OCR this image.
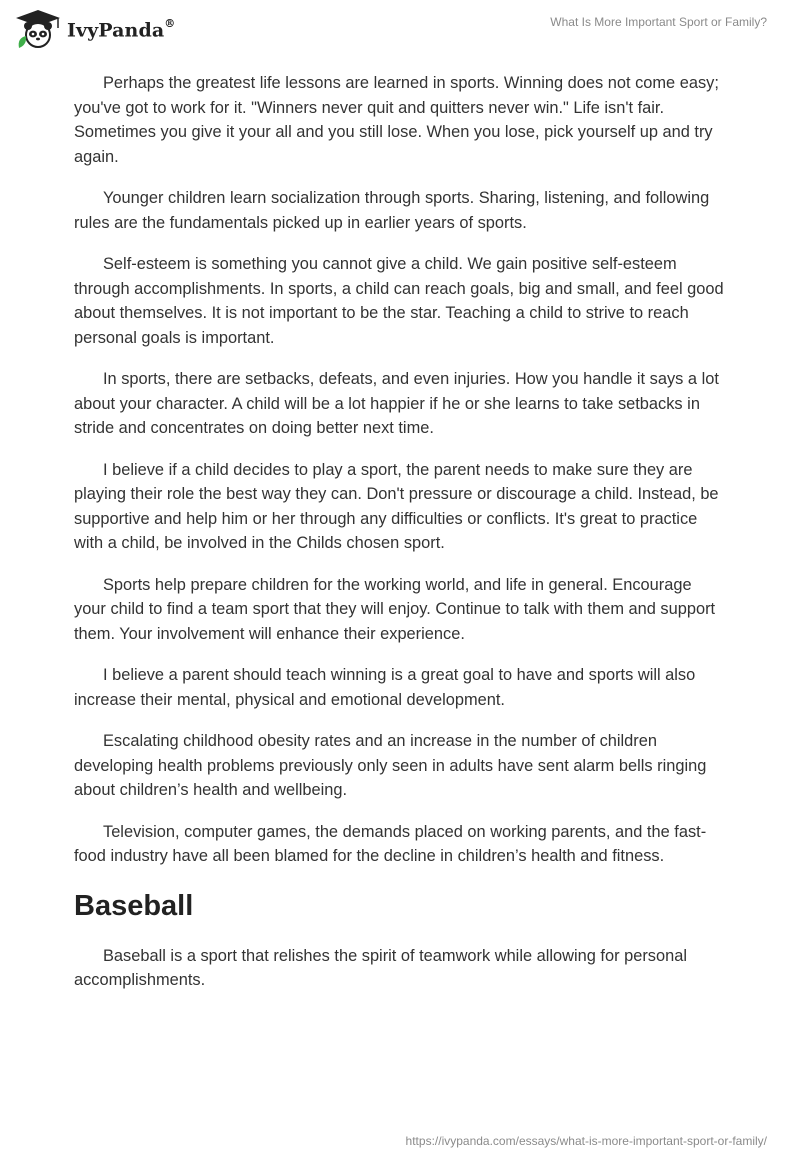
IvyPanda®	What Is More Important Sport or Family?

Perhaps the greatest life lessons are learned in sports. Winning does not come easy; you've got to work for it. "Winners never quit and quitters never win." Life isn't fair. Sometimes you give it your all and you still lose. When you lose, pick yourself up and try again.

Younger children learn socialization through sports. Sharing, listening, and following rules are the fundamentals picked up in earlier years of sports.

Self-esteem is something you cannot give a child. We gain positive self-esteem through accomplishments. In sports, a child can reach goals, big and small, and feel good about themselves. It is not important to be the star. Teaching a child to strive to reach personal goals is important.

In sports, there are setbacks, defeats, and even injuries. How you handle it says a lot about your character. A child will be a lot happier if he or she learns to take setbacks in stride and concentrates on doing better next time.

I believe if a child decides to play a sport, the parent needs to make sure they are playing their role the best way they can. Don't pressure or discourage a child. Instead, be supportive and help him or her through any difficulties or conflicts. It's great to practice with a child, be involved in the Childs chosen sport.

Sports help prepare children for the working world, and life in general. Encourage your child to find a team sport that they will enjoy. Continue to talk with them and support them. Your involvement will enhance their experience.

I believe a parent should teach winning is a great goal to have and sports will also increase their mental, physical and emotional development.

Escalating childhood obesity rates and an increase in the number of children developing health problems previously only seen in adults have sent alarm bells ringing about children’s health and wellbeing.

Television, computer games, the demands placed on working parents, and the fast-food industry have all been blamed for the decline in children’s health and fitness.

Baseball

Baseball is a sport that relishes the spirit of teamwork while allowing for personal accomplishments.

https://ivypanda.com/essays/what-is-more-important-sport-or-family/
